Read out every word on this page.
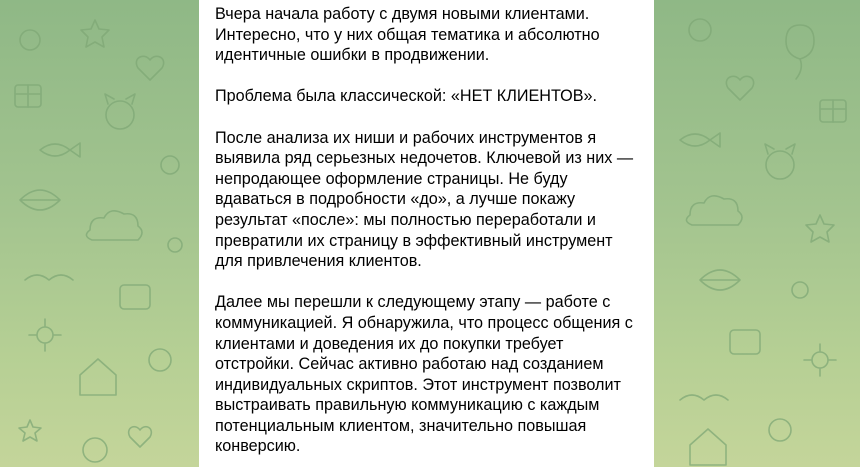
Вчера начала работу с двумя новыми клиентами. Интересно, что у них общая тематика и абсолютно идентичные ошибки в продвижении.

Проблема была классической: «НЕТ КЛИЕНТОВ».

После анализа их ниши и рабочих инструментов я выявила ряд серьезных недочетов. Ключевой из них — непродающее оформление страницы. Не буду вдаваться в подробности «до», а лучше покажу результат «после»: мы полностью переработали и превратили их страницу в эффективный инструмент для привлечения клиентов.

Далее мы перешли к следующему этапу — работе с коммуникацией. Я обнаружила, что процесс общения с клиентами и доведения их до покупки требует отстройки. Сейчас активно работаю над созданием индивидуальных скриптов. Этот инструмент позволит выстраивать правильную коммуникацию с каждым потенциальным клиентом, значительно повышая конверсию.
